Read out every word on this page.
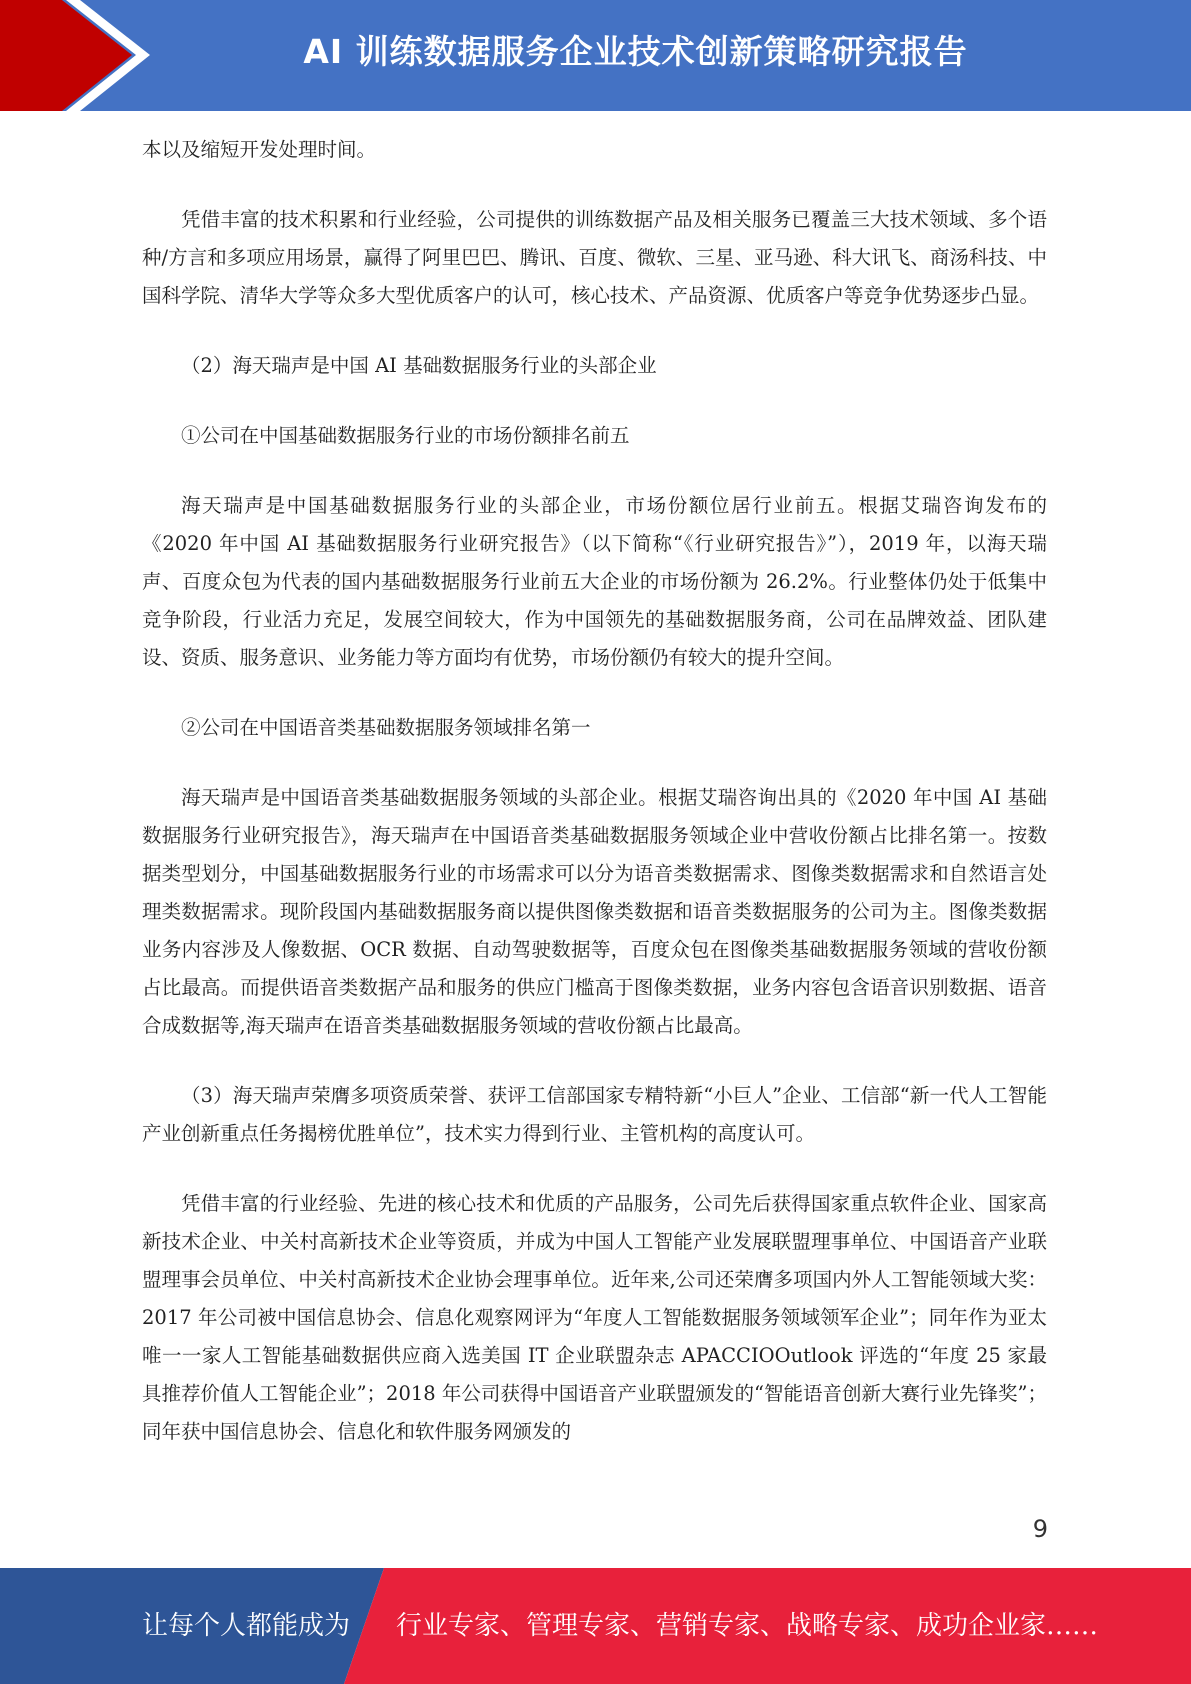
AI 训练数据服务企业技术创新策略研究报告

本以及缩短开发处理时间。

凭借丰富的技术积累和行业经验，公司提供的训练数据产品及相关服务已覆盖三大技术领域、多个语种/方言和多项应用场景，赢得了阿里巴巴、腾讯、百度、微软、三星、亚马逊、科大讯飞、商汤科技、中国科学院、清华大学等众多大型优质客户的认可，核心技术、产品资源、优质客户等竞争优势逐步凸显。

（2）海天瑞声是中国 AI 基础数据服务行业的头部企业

①公司在中国基础数据服务行业的市场份额排名前五

海天瑞声是中国基础数据服务行业的头部企业，市场份额位居行业前五。根据艾瑞咨询发布的《2020 年中国 AI 基础数据服务行业研究报告》（以下简称“《行业研究报告》”），2019 年，以海天瑞声、百度众包为代表的国内基础数据服务行业前五大企业的市场份额为 26.2%。行业整体仍处于低集中竞争阶段，行业活力充足，发展空间较大，作为中国领先的基础数据服务商，公司在品牌效益、团队建设、资质、服务意识、业务能力等方面均有优势，市场份额仍有较大的提升空间。

②公司在中国语音类基础数据服务领域排名第一

海天瑞声是中国语音类基础数据服务领域的头部企业。根据艾瑞咨询出具的《2020 年中国 AI 基础数据服务行业研究报告》，海天瑞声在中国语音类基础数据服务领域企业中营收份额占比排名第一。按数据类型划分，中国基础数据服务行业的市场需求可以分为语音类数据需求、图像类数据需求和自然语言处理类数据需求。现阶段国内基础数据服务商以提供图像类数据和语音类数据服务的公司为主。图像类数据业务内容涉及人像数据、OCR 数据、自动驾驶数据等，百度众包在图像类基础数据服务领域的营收份额占比最高。而提供语音类数据产品和服务的供应门槛高于图像类数据，业务内容包含语音识别数据、语音合成数据等,海天瑞声在语音类基础数据服务领域的营收份额占比最高。

（3）海天瑞声荣膺多项资质荣誉、获评工信部国家专精特新“小巨人”企业、工信部“新一代人工智能产业创新重点任务揭榜优胜单位”，技术实力得到行业、主管机构的高度认可。

凭借丰富的行业经验、先进的核心技术和优质的产品服务，公司先后获得国家重点软件企业、国家高新技术企业、中关村高新技术企业等资质，并成为中国人工智能产业发展联盟理事单位、中国语音产业联盟理事会员单位、中关村高新技术企业协会理事单位。近年来,公司还荣膺多项国内外人工智能领域大奖：2017 年公司被中国信息协会、信息化观察网评为“年度人工智能数据服务领域领军企业”；同年作为亚太唯一一家人工智能基础数据供应商入选美国 IT 企业联盟杂志 APACCIOOutlook 评选的“年度 25 家最具推荐价值人工智能企业”；2018 年公司获得中国语音产业联盟颁发的“智能语音创新大赛行业先锋奖”；同年获中国信息协会、信息化和软件服务网颁发的

9
让每个人都能成为 行业专家、管理专家、营销专家、战略专家、成功企业家……
